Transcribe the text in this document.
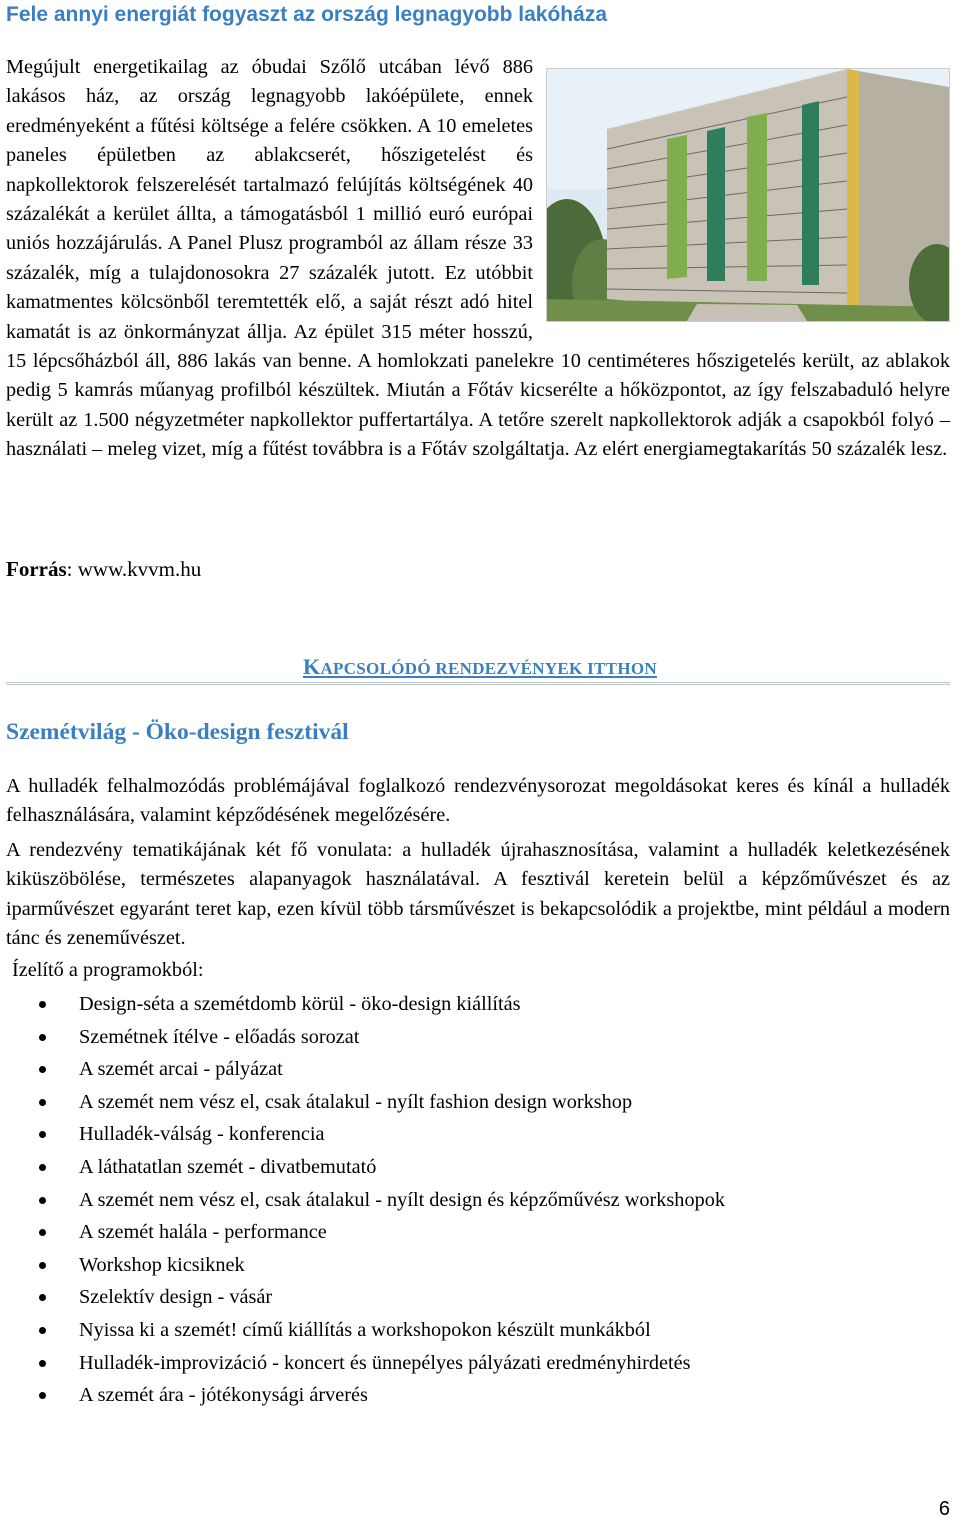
Fele annyi energiát fogyaszt az ország legnagyobb lakóháza
Megújult energetikailag az óbudai Szőlő utcában lévő 886 lakásos ház, az ország legnagyobb lakóépülete, ennek eredményeként a fűtési költsége a felére csökken. A 10 emeletes paneles épületben az ablakcserét, hőszigetelést és napkollektorok felszerelését tartalmazó felújítás költségének 40 százalékát a kerület állta, a támogatásból 1 millió euró európai uniós hozzájárulás. A Panel Plusz programból az állam része 33 százalék, míg a tulajdonosokra 27 százalék jutott. Ez utóbbit kamatmentes kölcsönből teremtették elő, a saját részt adó hitel kamatát is az önkormányzat állja. Az épület 315 méter hosszú, 15 lépcsőházból áll, 886 lakás van benne. A homlokzati panelekre 10 centiméteres hőszigetelés került, az ablakok pedig 5 kamrás műanyag profilból készültek. Miután a Főtáv kicserélte a hőközpontot, az így felszabaduló helyre került az 1.500 négyzetméter napkollektor puffertartálya. A tetőre szerelt napkollektorok adják a csapokból folyó – használati – meleg vizet, míg a fűtést továbbra is a Főtáv szolgáltatja. Az elért energiamegtakarítás 50 százalék lesz.

Forrás: www.kvvm.hu

KAPCSOLÓDÓ RENDEZVÉNYEK ITTHON
Szemétvilág - Öko-design fesztivál

A hulladék felhalmozódás problémájával foglalkozó rendezvénysorozat megoldásokat keres és kínál a hulladék felhasználására, valamint képződésének megelőzésére.

A rendezvény tematikájának két fő vonulata: a hulladék újrahasznosítása, valamint a hulladék keletkezésének kiküszöbölése, természetes alapanyagok használatával. A fesztivál keretein belül a képzőművészet és az iparművészet egyaránt teret kap, ezen kívül több társművészet is bekapcsolódik a projektbe, mint például a modern tánc és zeneművészet.

Ízelítő a programokból:

Design-séta a szemétdomb körül - öko-design kiállítás
Szemétnek ítélve - előadás sorozat
A szemét arcai - pályázat
A szemét nem vész el, csak átalakul - nyílt fashion design workshop
Hulladék-válság - konferencia
A láthatatlan szemét - divatbemutató
A szemét nem vész el, csak átalakul - nyílt design és képzőművész workshopok
A szemét halála - performance
Workshop kicsiknek
Szelektív design - vásár
Nyissa ki a szemét! című kiállítás a workshopokon készült munkákból
Hulladék-improvizáció - koncert és ünnepélyes pályázati eredményhirdetés
A szemét ára - jótékonysági árverés

6
